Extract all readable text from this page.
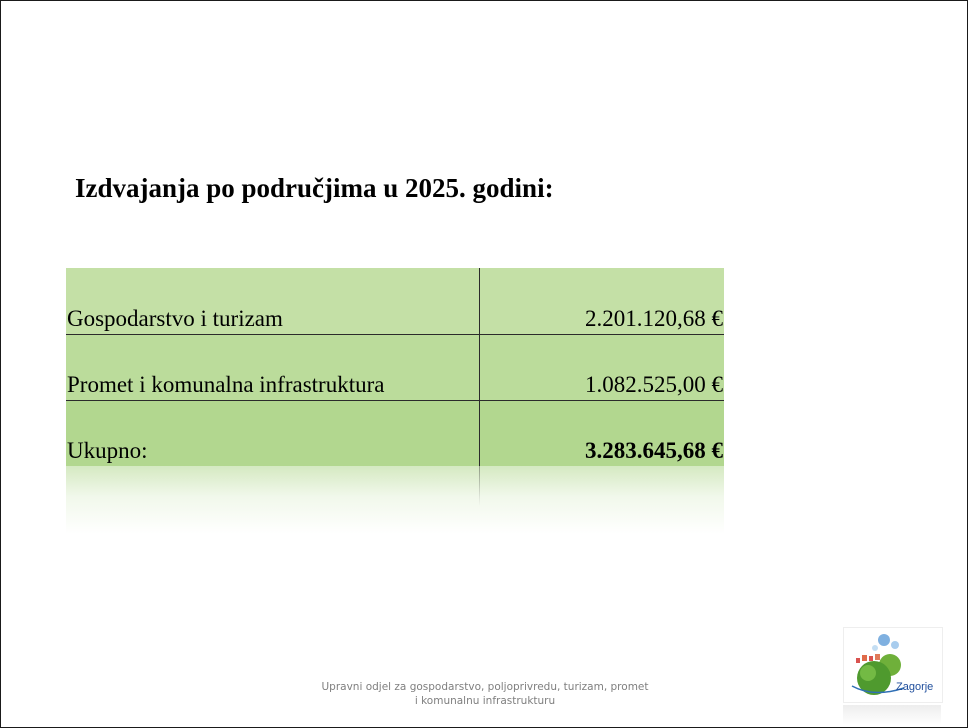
Izdvajanja po područjima u 2025. godini:
Gospodarstvo i turizam	2.201.120,68 €
Promet i komunalna infrastruktura	1.082.525,00 €
Ukupno:	3.283.645,68 €
Upravni odjel za gospodarstvo, poljoprivredu, turizam, promet
i komunalnu infrastrukturu
Zagorje
